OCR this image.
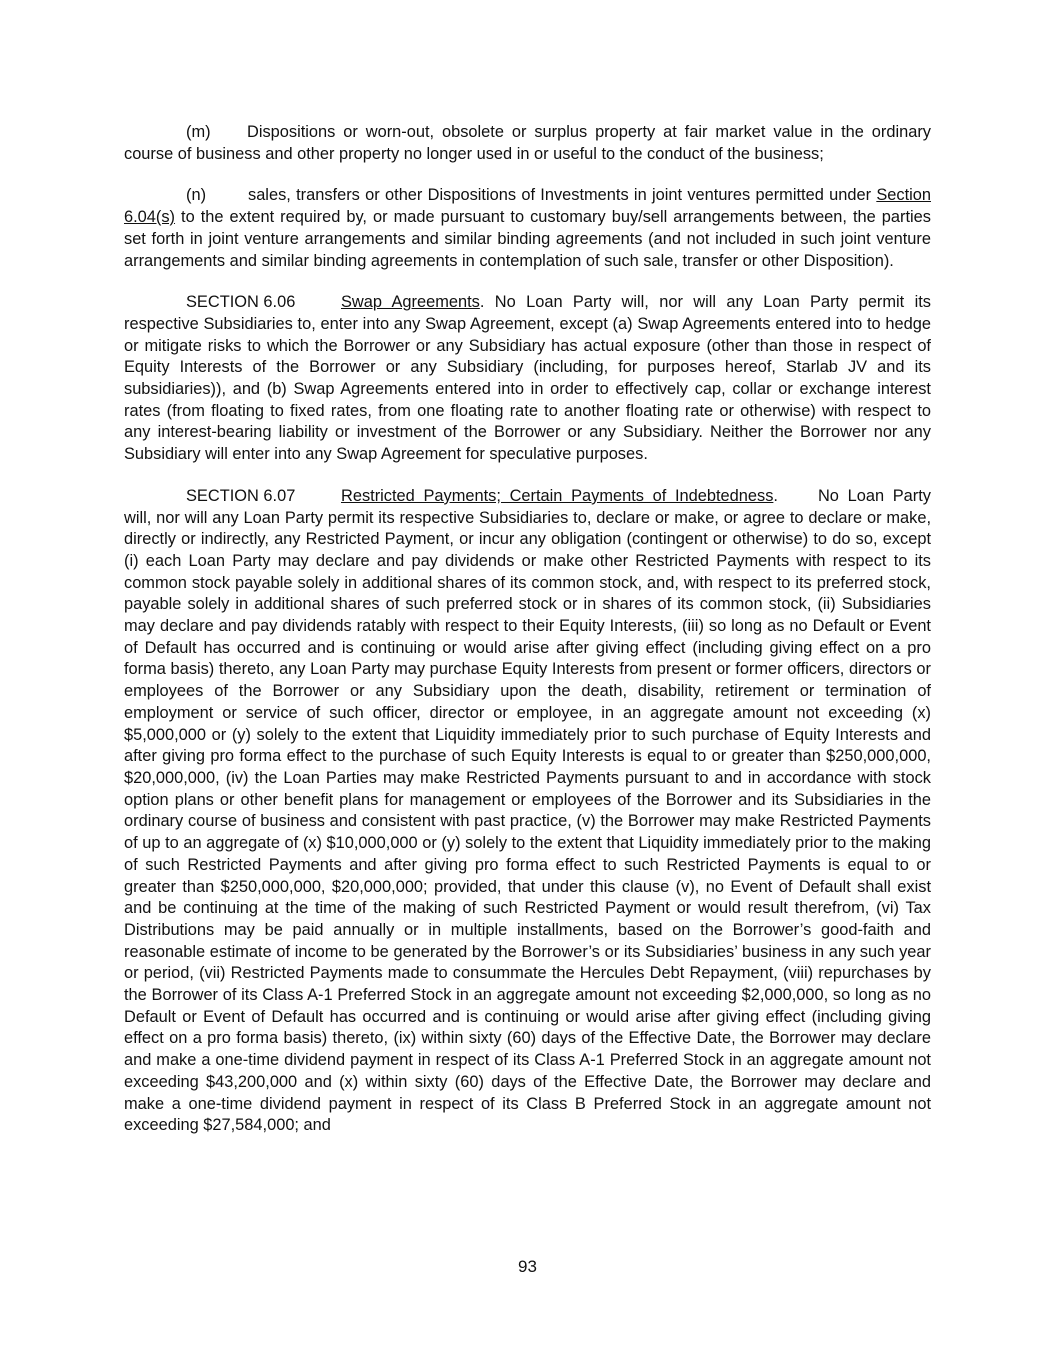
(m) Dispositions or worn-out, obsolete or surplus property at fair market value in the ordinary course of business and other property no longer used in or useful to the conduct of the business;

(n)	sales, transfers or other Dispositions of Investments in joint ventures permitted under Section 6.04(s) to the extent required by, or made pursuant to customary buy/sell arrangements between, the parties set forth in joint venture arrangements and similar binding agreements (and not included in such joint venture arrangements and similar binding agreements in contemplation of such sale, transfer or other Disposition).

SECTION 6.06	Swap Agreements. No Loan Party will, nor will any Loan Party permit its respective Subsidiaries to, enter into any Swap Agreement, except (a) Swap Agreements entered into to hedge or mitigate risks to which the Borrower or any Subsidiary has actual exposure (other than those in respect of Equity Interests of the Borrower or any Subsidiary (including, for purposes hereof, Starlab JV and its subsidiaries)), and (b) Swap Agreements entered into in order to effectively cap, collar or exchange interest rates (from floating to fixed rates, from one floating rate to another floating rate or otherwise) with respect to any interest-bearing liability or investment of the Borrower or any Subsidiary. Neither the Borrower nor any Subsidiary will enter into any Swap Agreement for speculative purposes.

SECTION 6.07	Restricted Payments; Certain Payments of Indebtedness. No Loan Party will, nor will any Loan Party permit its respective Subsidiaries to, declare or make, or agree to declare or make, directly or indirectly, any Restricted Payment, or incur any obligation (contingent or otherwise) to do so, except (i) each Loan Party may declare and pay dividends or make other Restricted Payments with respect to its common stock payable solely in additional shares of its common stock, and, with respect to its preferred stock, payable solely in additional shares of such preferred stock or in shares of its common stock, (ii) Subsidiaries may declare and pay dividends ratably with respect to their Equity Interests, (iii) so long as no Default or Event of Default has occurred and is continuing or would arise after giving effect (including giving effect on a pro forma basis) thereto, any Loan Party may purchase Equity Interests from present or former officers, directors or employees of the Borrower or any Subsidiary upon the death, disability, retirement or termination of employment or service of such officer, director or employee, in an aggregate amount not exceeding (x) $5,000,000 or (y) solely to the extent that Liquidity immediately prior to such purchase of Equity Interests and after giving pro forma effect to the purchase of such Equity Interests is equal to or greater than $250,000,000, $20,000,000, (iv) the Loan Parties may make Restricted Payments pursuant to and in accordance with stock option plans or other benefit plans for management or employees of the Borrower and its Subsidiaries in the ordinary course of business and consistent with past practice, (v) the Borrower may make Restricted Payments of up to an aggregate of (x) $10,000,000 or (y) solely to the extent that Liquidity immediately prior to the making of such Restricted Payments and after giving pro forma effect to such Restricted Payments is equal to or greater than $250,000,000, $20,000,000; provided, that under this clause (v), no Event of Default shall exist and be continuing at the time of the making of such Restricted Payment or would result therefrom, (vi) Tax Distributions may be paid annually or in multiple installments, based on the Borrower’s good-faith and reasonable estimate of income to be generated by the Borrower’s or its Subsidiaries’ business in any such year or period, (vii) Restricted Payments made to consummate the Hercules Debt Repayment, (viii) repurchases by the Borrower of its Class A-1 Preferred Stock in an aggregate amount not exceeding $2,000,000, so long as no Default or Event of Default has occurred and is continuing or would arise after giving effect (including giving effect on a pro forma basis) thereto, (ix) within sixty (60) days of the Effective Date, the Borrower may declare and make a one-time dividend payment in respect of its Class A-1 Preferred Stock in an aggregate amount not exceeding $43,200,000 and (x) within sixty (60) days of the Effective Date, the Borrower may declare and make a one-time dividend payment in respect of its Class B Preferred Stock in an aggregate amount not exceeding $27,584,000; and

93
